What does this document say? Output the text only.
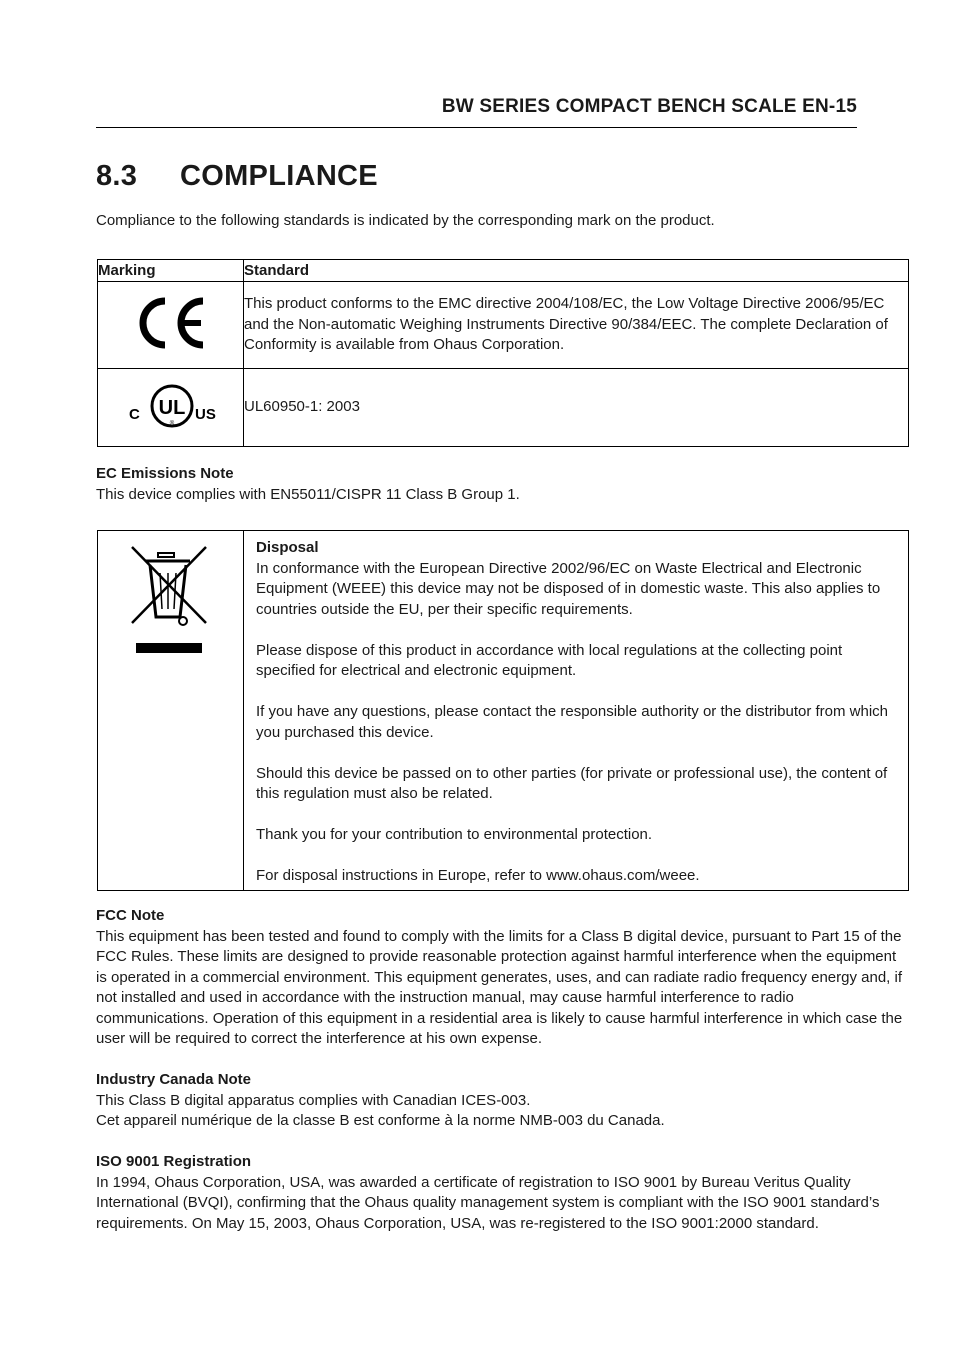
BW SERIES COMPACT BENCH SCALE EN-15
8.3 COMPLIANCE
Compliance to the following standards is indicated by the corresponding mark on the product.
Marking	Standard
	This product conforms to the EMC directive 2004/108/EC, the Low Voltage Directive 2006/95/EC and the Non-automatic Weighing Instruments Directive 90/384/EEC. The complete Declaration of Conformity is available from Ohaus Corporation.

C UL
®
US	UL60950-1: 2003
EC Emissions Note
This device complies with EN55011/CISPR 11 Class B Group 1.
Disposal

In conformance with the European Directive 2002/96/EC on Waste Electrical and Electronic Equipment (WEEE) this device may not be disposed of in domestic waste. This also applies to countries outside the EU, per their specific requirements.

Please dispose of this product in accordance with local regulations at the collecting point specified for electrical and electronic equipment.

If you have any questions, please contact the responsible authority or the distributor from which you purchased this device.

Should this device be passed on to other parties (for private or professional use), the content of this regulation must also be related.

Thank you for your contribution to environmental protection.

For disposal instructions in Europe, refer to www.ohaus.com/weee.

FCC Note
This equipment has been tested and found to comply with the limits for a Class B digital device, pursuant to Part 15 of the FCC Rules. These limits are designed to provide reasonable protection against harmful interference when the equipment is operated in a commercial environment. This equipment generates, uses, and can radiate radio frequency energy and, if not installed and used in accordance with the instruction manual, may cause harmful interference to radio communications. Operation of this equipment in a residential area is likely to cause harmful interference in which case the user will be required to correct the interference at his own expense.
Industry Canada Note
This Class B digital apparatus complies with Canadian ICES-003.
Cet appareil numérique de la classe B est conforme à la norme NMB-003 du Canada.
ISO 9001 Registration
In 1994, Ohaus Corporation, USA, was awarded a certificate of registration to ISO 9001 by Bureau Veritus Quality International (BVQI), confirming that the Ohaus quality management system is compliant with the ISO 9001 standard’s requirements. On May 15, 2003, Ohaus Corporation, USA, was re-registered to the ISO 9001:2000 standard.
